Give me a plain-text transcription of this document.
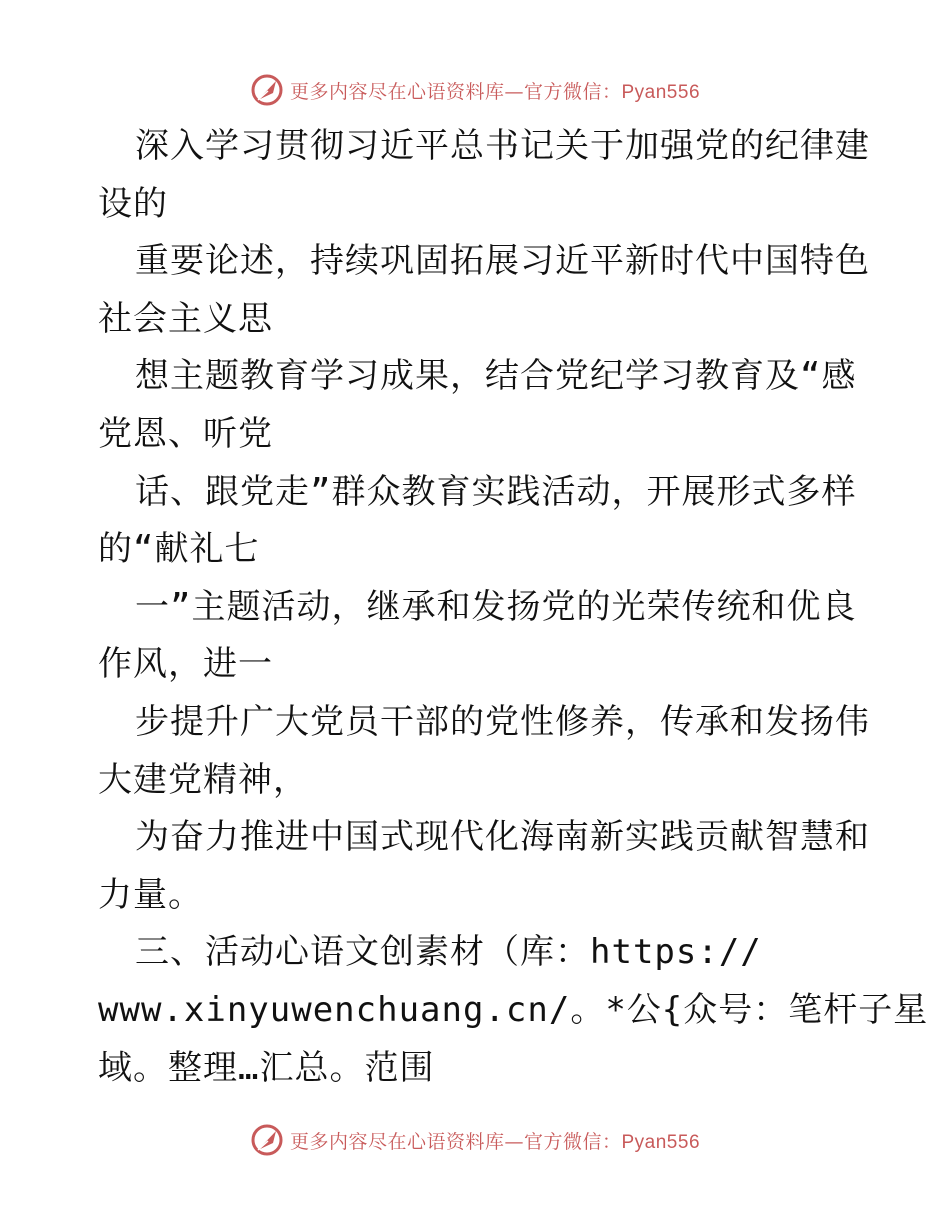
更多内容尽在心语资料库—官方微信：Pyan556
深入学习贯彻习近平总书记关于加强党的纪律建
设的
重要论述，持续巩固拓展习近平新时代中国特色
社会主义思
想主题教育学习成果，结合党纪学习教育及“感
党恩、听党
话、跟党走”群众教育实践活动，开展形式多样
的“献礼七
一”主题活动，继承和发扬党的光荣传统和优良
作风，进一
步提升广大党员干部的党性修养，传承和发扬伟
大建党精神，
为奋力推进中国式现代化海南新实践贡献智慧和
力量。
三、活动心语文创素材（库：https://
www.xinyuwenchuang.cn/。*公{众号：笔杆子星
域。整理…汇总。范围
更多内容尽在心语资料库—官方微信：Pyan556
